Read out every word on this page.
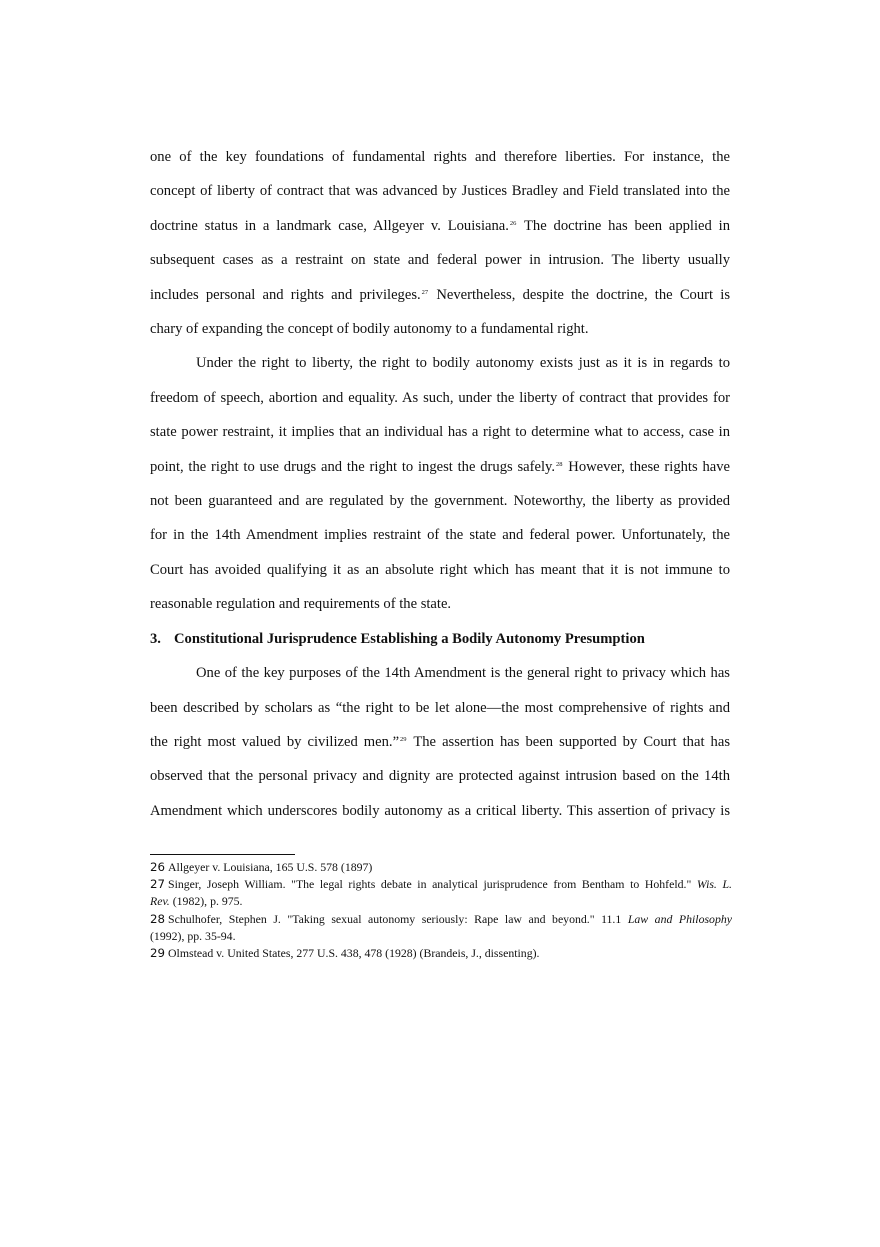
one of the key foundations of fundamental rights and therefore liberties. For instance, the
concept of liberty of contract that was advanced by Justices Bradley and Field translated into the
doctrine status in a landmark case, Allgeyer v. Louisiana.$^{26}$ The doctrine has been applied in
subsequent cases as a restraint on state and federal power in intrusion. The liberty usually
includes personal and rights and privileges.$^{27}$ Nevertheless, despite the doctrine, the Court is
chary of expanding the concept of bodily autonomy to a fundamental right.
Under the right to liberty, the right to bodily autonomy exists just as it is in regards to
freedom of speech, abortion and equality. As such, under the liberty of contract that provides for
state power restraint, it implies that an individual has a right to determine what to access, case in
point, the right to use drugs and the right to ingest the drugs safely.$^{28}$ However, these rights have
not been guaranteed and are regulated by the government. Noteworthy, the liberty as provided
for in the 14th Amendment implies restraint of the state and federal power. Unfortunately, the
Court has avoided qualifying it as an absolute right which has meant that it is not immune to
reasonable regulation and requirements of the state.
3. Constitutional Jurisprudence Establishing a Bodily Autonomy Presumption
One of the key purposes of the 14th Amendment is the general right to privacy which has
been described by scholars as “the right to be let alone—the most comprehensive of rights and
the right most valued by civilized men.”$^{29}$ The assertion has been supported by Court that has
observed that the personal privacy and dignity are protected against intrusion based on the 14th
Amendment which underscores bodily autonomy as a critical liberty. This assertion of privacy is
26 Allgeyer v. Louisiana, 165 U.S. 578 (1897)
27 Singer, Joseph William. "The legal rights debate in analytical jurisprudence from Bentham to Hohfeld." Wis. L.
Rev. (1982), p. 975.
28 Schulhofer, Stephen J. "Taking sexual autonomy seriously: Rape law and beyond." 11.1 Law and Philosophy
(1992), pp. 35-94.
29 Olmstead v. United States, 277 U.S. 438, 478 (1928) (Brandeis, J., dissenting).
